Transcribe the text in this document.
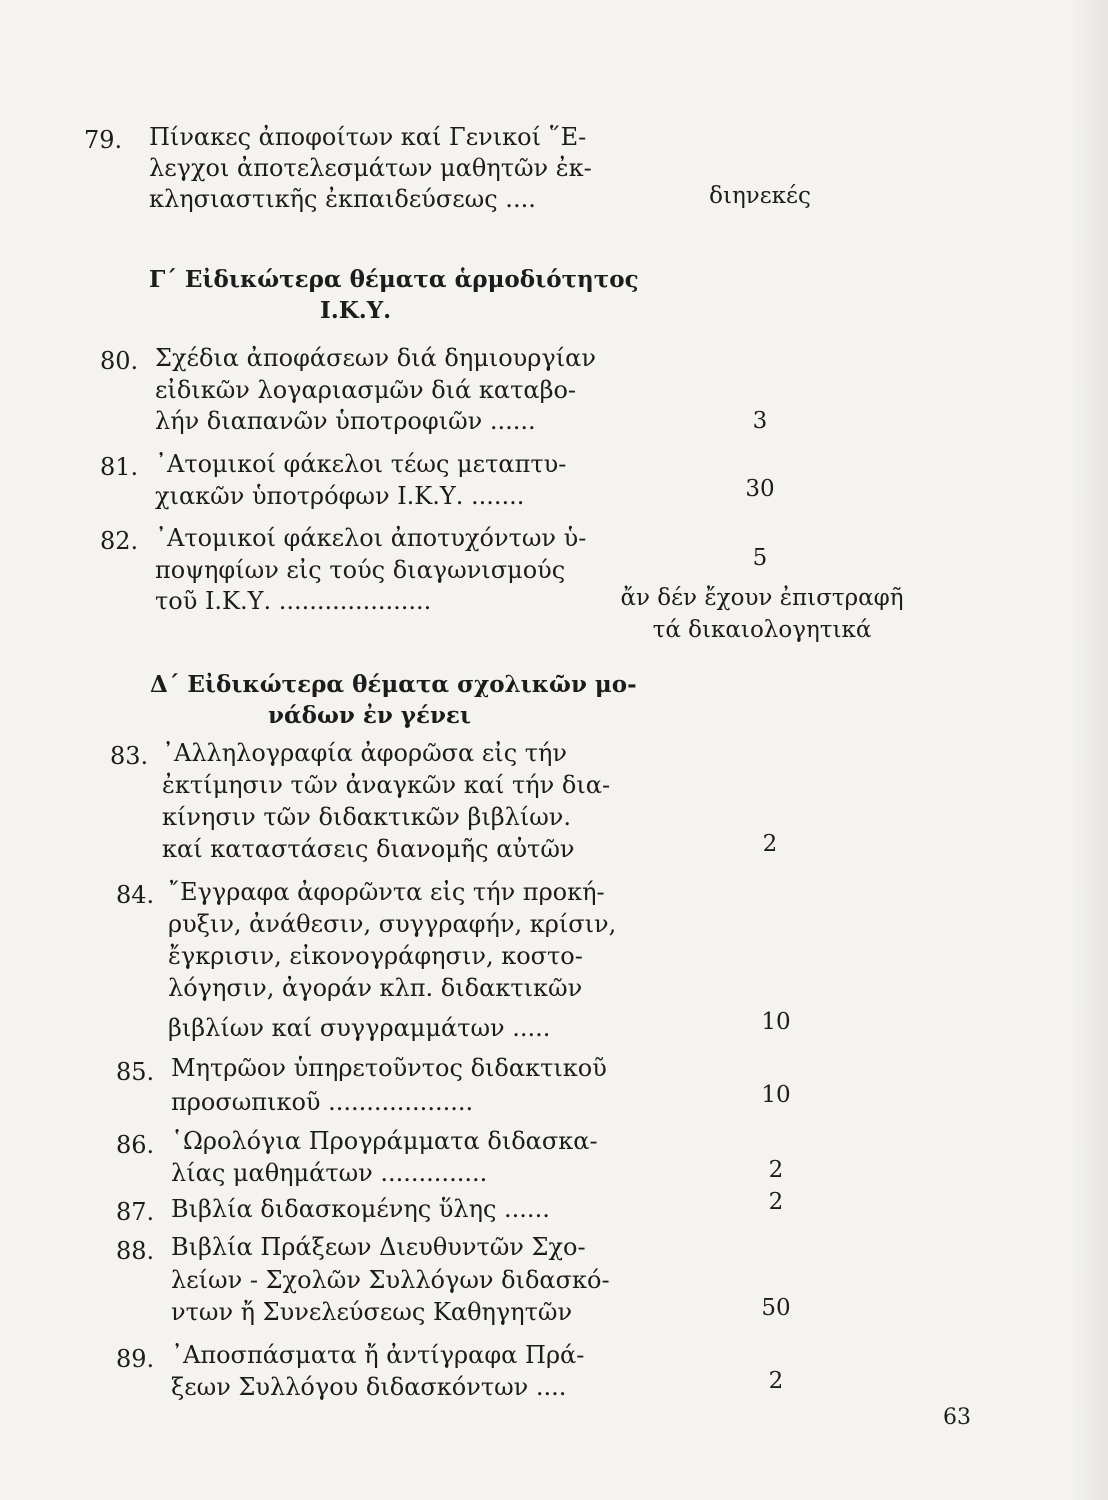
79. Πίνακες ἀποφοίτων καί Γενικοί ῞Ε-
λεγχοι ἀποτελεσμάτων μαθητῶν ἐκ-
κλησιαστικῆς ἐκπαιδεύσεως ....	διηνεκές
Γ΄ Εἰδικώτερα θέματα ἁρμοδιότητος
Ι.Κ.Υ.
80. Σχέδια ἀποφάσεων διά δημιουργίαν
εἰδικῶν λογαριασμῶν διά καταβο-
λήν διαπανῶν ὑποτροφιῶν ......	3
81. ᾿Ατομικοί φάκελοι τέως μεταπτυ-
χιακῶν ὑποτρόφων Ι.Κ.Υ. .......	30
82. ᾿Ατομικοί φάκελοι ἀποτυχόντων ὑ-
ποψηφίων εἰς τούς διαγωνισμούς
τοῦ Ι.Κ.Υ. ....................
5
ἄν δέν ἔχουν ἐπιστραφῆ
τά δικαιολογητικά
Δ΄ Εἰδικώτερα θέματα σχολικῶν μο-
νάδων ἐν γένει
83. ᾿Αλληλογραφία ἀφορῶσα εἰς τήν
ἐκτίμησιν τῶν ἀναγκῶν καί τήν δια-
κίνησιν τῶν διδακτικῶν βιβλίων.
καί καταστάσεις διανομῆς αὐτῶν	2
84. ῎Εγγραφα ἀφορῶντα εἰς τήν προκή-
ρυξιν, ἀνάθεσιν, συγγραφήν, κρίσιν,
ἔγκρισιν, εἰκονογράφησιν, κοστο-
λόγησιν, ἀγοράν κλπ. διδακτικῶν
βιβλίων καί συγγραμμάτων .....	10
85. Μητρῶον ὑπηρετοῦντος διδακτικοῦ
προσωπικοῦ ...................	10
86. ῾Ωρολόγια Προγράμματα διδασκα-
λίας μαθημάτων ..............	2
87. Βιβλία διδασκομένης ὕλης ......	2
88. Βιβλία Πράξεων Διευθυντῶν Σχο-
λείων - Σχολῶν Συλλόγων διδασκό-
ντων ἤ Συνελεύσεως Καθηγητῶν	50
89. ᾿Αποσπάσματα ἤ ἀντίγραφα Πρά-
ξεων Συλλόγου διδασκόντων ....	2
63
